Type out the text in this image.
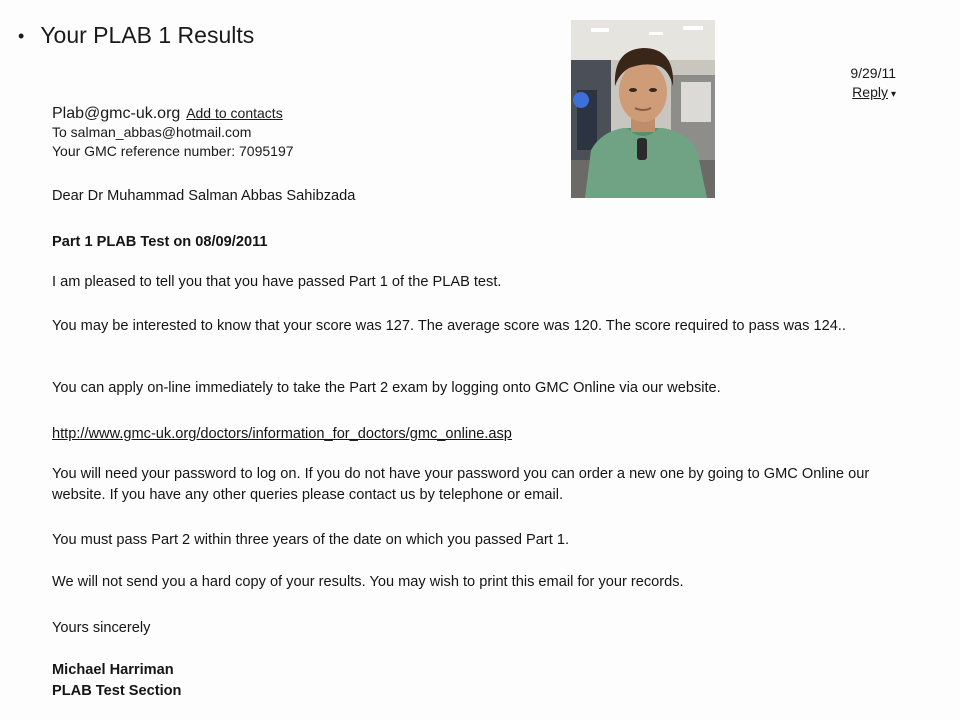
• Your PLAB 1 Results
9/29/11
Reply ▾
Plab@gmc-uk.org Add to contacts
To salman_abbas@hotmail.com
Your GMC reference number: 7095197
Dear Dr Muhammad Salman Abbas Sahibzada
Part 1 PLAB Test on 08/09/2011
I am pleased to tell you that you have passed Part 1 of the PLAB test.
You may be interested to know that your score was 127. The average score was 120. The score required to pass was 124..
You can apply on-line immediately to take the Part 2 exam by logging onto GMC Online via our website.
http://www.gmc-uk.org/doctors/information_for_doctors/gmc_online.asp
You will need your password to log on. If you do not have your password you can order a new one by going to GMC Online our website. If you have any other queries please contact us by telephone or email.
You must pass Part 2 within three years of the date on which you passed Part 1.
We will not send you a hard copy of your results. You may wish to print this email for your records.
Yours sincerely
Michael Harriman
PLAB Test Section
